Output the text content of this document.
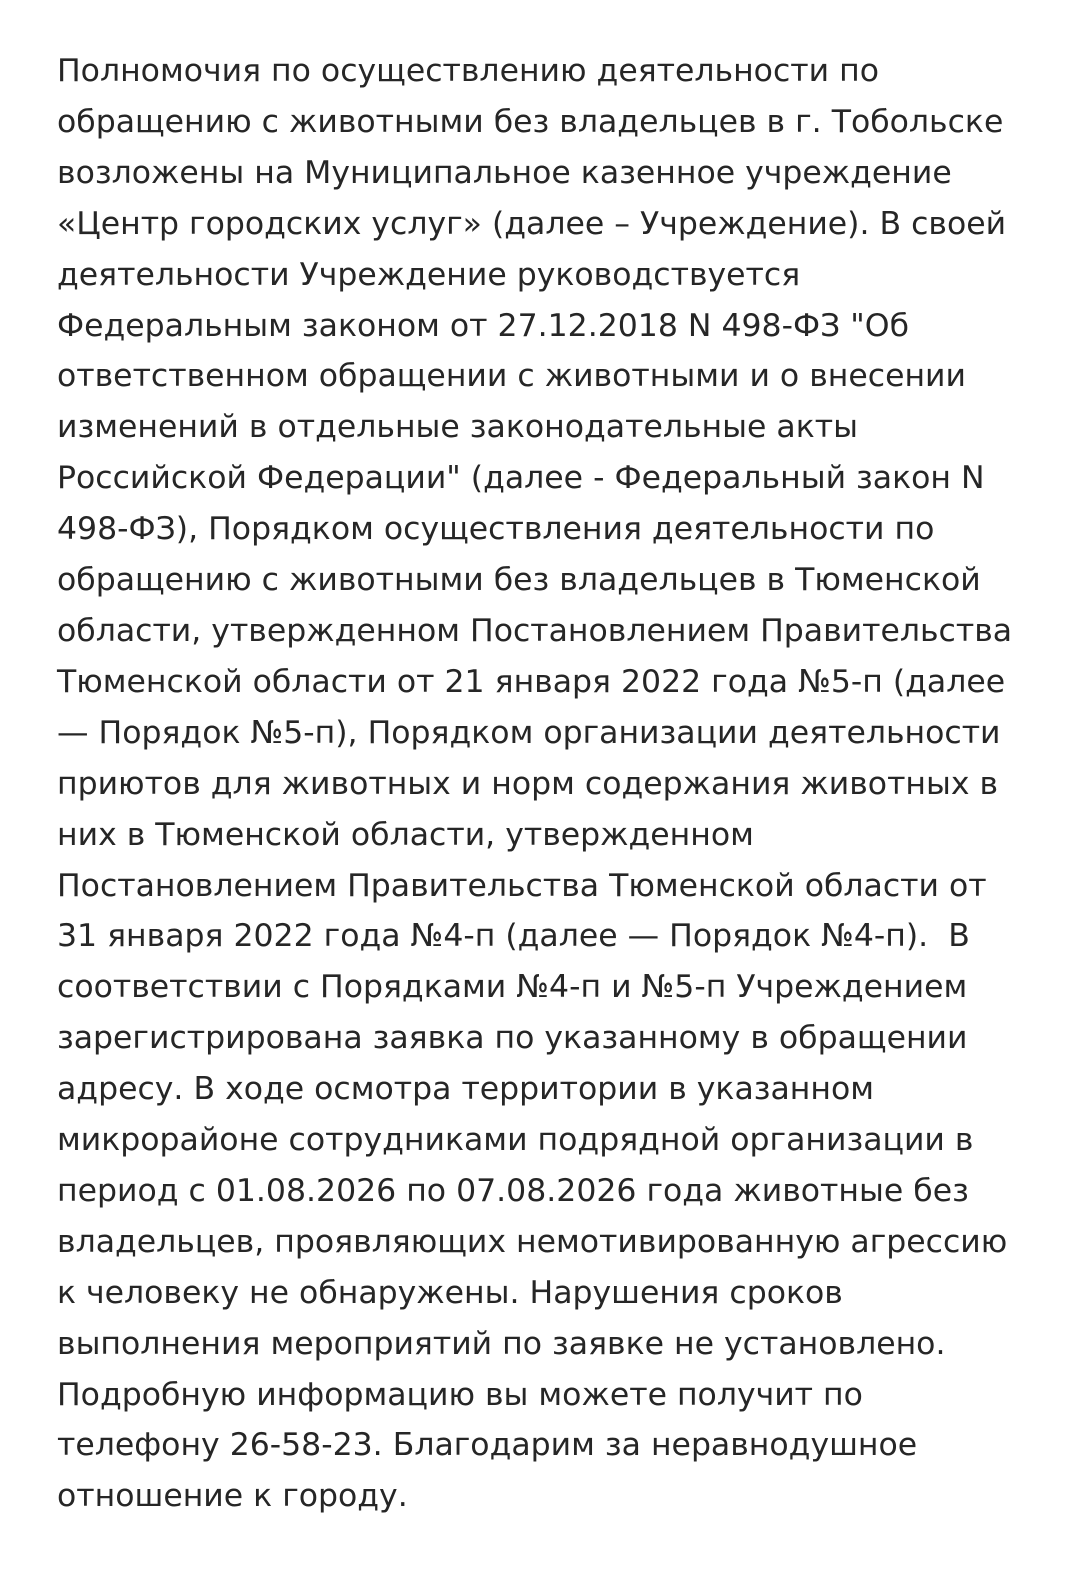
Полномочия по осуществлению деятельности по
обращению с животными без владельцев в г. Тобольске
возложены на Муниципальное казенное учреждение
«Центр городских услуг» (далее – Учреждение). В своей
деятельности Учреждение руководствуется
Федеральным законом от 27.12.2018 N 498-ФЗ "Об
ответственном обращении с животными и о внесении
изменений в отдельные законодательные акты
Российской Федерации" (далее - Федеральный закон N
498-ФЗ), Порядком осуществления деятельности по
обращению с животными без владельцев в Тюменской
области, утвержденном Постановлением Правительства
Тюменской области от 21 января 2022 года №5-п (далее
— Порядок №5-п), Порядком организации деятельности
приютов для животных и норм содержания животных в
них в Тюменской области, утвержденном
Постановлением Правительства Тюменской области от
31 января 2022 года №4-п (далее — Порядок №4-п).  В
соответствии с Порядками №4-п и №5-п Учреждением
зарегистрирована заявка по указанному в обращении
адресу. В ходе осмотра территории в указанном
микрорайоне сотрудниками подрядной организации в
период с 01.08.2026 по 07.08.2026 года животные без
владельцев, проявляющих немотивированную агрессию
к человеку не обнаружены. Нарушения сроков
выполнения мероприятий по заявке не установлено.
Подробную информацию вы можете получит по
телефону 26-58-23. Благодарим за неравнодушное
отношение к городу.
